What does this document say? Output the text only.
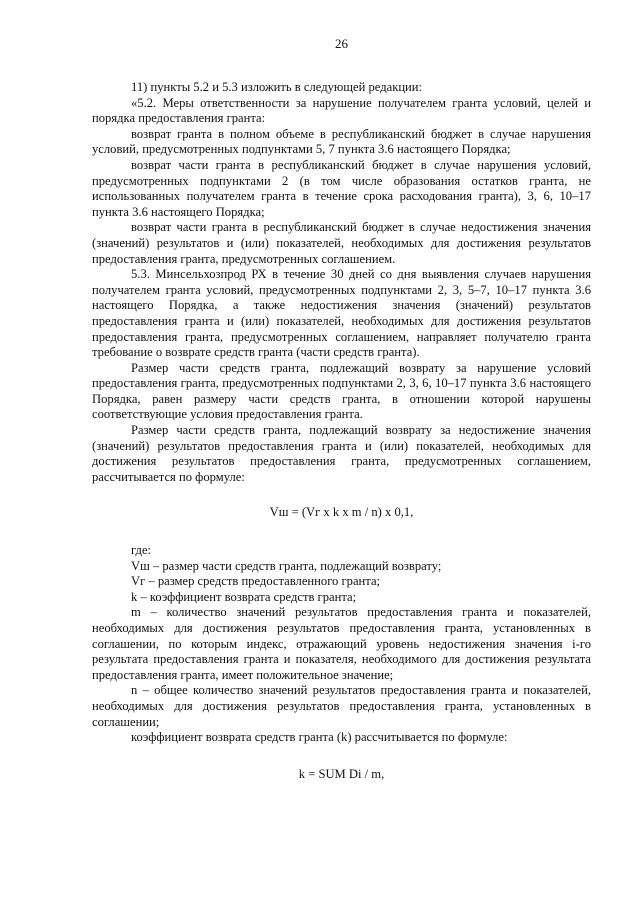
26

11) пункты 5.2 и 5.3 изложить в следующей редакции:

«5.2. Меры ответственности за нарушение получателем гранта условий, целей и порядка предоставления гранта:

возврат гранта в полном объеме в республиканский бюджет в случае нарушения условий, предусмотренных подпунктами 5, 7 пункта 3.6 настоящего Порядка;

возврат части гранта в республиканский бюджет в случае нарушения условий, предусмотренных подпунктами 2 (в том числе образования остатков гранта, не использованных получателем гранта в течение срока расходования гранта), 3, 6, 10–17 пункта 3.6 настоящего Порядка;

возврат части гранта в республиканский бюджет в случае недостижения значения (значений) результатов и (или) показателей, необходимых для достижения результатов предоставления гранта, предусмотренных соглашением.

5.3. Минсельхозпрод РХ в течение 30 дней со дня выявления случаев нарушения получателем гранта условий, предусмотренных подпунктами 2, 3, 5–7, 10–17 пункта 3.6 настоящего Порядка, а также недостижения значения (значений) результатов предоставления гранта и (или) показателей, необходимых для достижения результатов предоставления гранта, предусмотренных соглашением, направляет получателю гранта требование о возврате средств гранта (части средств гранта).

Размер части средств гранта, подлежащий возврату за нарушение условий предоставления гранта, предусмотренных подпунктами 2, 3, 6, 10–17 пункта 3.6 настоящего Порядка, равен размеру части средств гранта, в отношении которой нарушены соответствующие условия предоставления гранта.

Размер части средств гранта, подлежащий возврату за недостижение значения (значений) результатов предоставления гранта и (или) показателей, необходимых для достижения результатов предоставления гранта, предусмотренных соглашением, рассчитывается по формуле:

Vш = (Vг x k x m / n) x 0,1,

где:

Vш – размер части средств гранта, подлежащий возврату;

Vг – размер средств предоставленного гранта;

k – коэффициент возврата средств гранта;

m – количество значений результатов предоставления гранта и показателей, необходимых для достижения результатов предоставления гранта, установленных в соглашении, по которым индекс, отражающий уровень недостижения значения i-го результата предоставления гранта и показателя, необходимого для достижения результата предоставления гранта, имеет положительное значение;

n – общее количество значений результатов предоставления гранта и показателей, необходимых для достижения результатов предоставления гранта, установленных в соглашении;

коэффициент возврата средств гранта (k) рассчитывается по формуле:

k = SUM Di / m,
